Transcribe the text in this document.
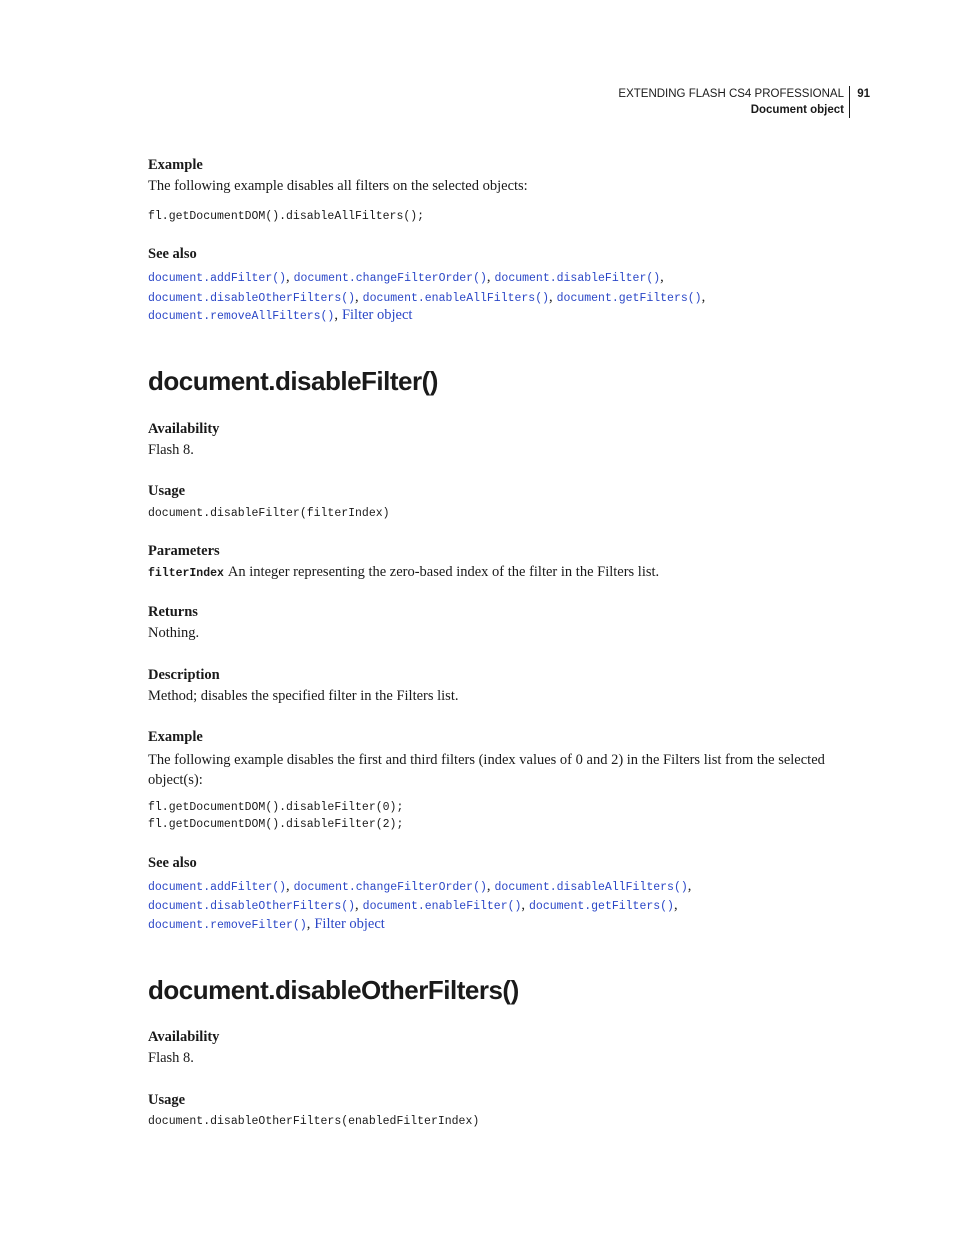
EXTENDING FLASH CS4 PROFESSIONAL
Document object
91
Example
The following example disables all filters on the selected objects:
fl.getDocumentDOM().disableAllFilters();
See also
document.addFilter(), document.changeFilterOrder(), document.disableFilter(),
document.disableOtherFilters(), document.enableAllFilters(), document.getFilters(),
document.removeAllFilters(), Filter object
document.disableFilter()
Availability
Flash 8.
Usage
document.disableFilter(filterIndex)
Parameters
filterIndex An integer representing the zero-based index of the filter in the Filters list.
Returns
Nothing.
Description
Method; disables the specified filter in the Filters list.
Example
The following example disables the first and third filters (index values of 0 and 2) in the Filters list from the selected object(s):
fl.getDocumentDOM().disableFilter(0);
fl.getDocumentDOM().disableFilter(2);
See also
document.addFilter(), document.changeFilterOrder(), document.disableAllFilters(),
document.disableOtherFilters(), document.enableFilter(), document.getFilters(),
document.removeFilter(), Filter object
document.disableOtherFilters()
Availability
Flash 8.
Usage
document.disableOtherFilters(enabledFilterIndex)
